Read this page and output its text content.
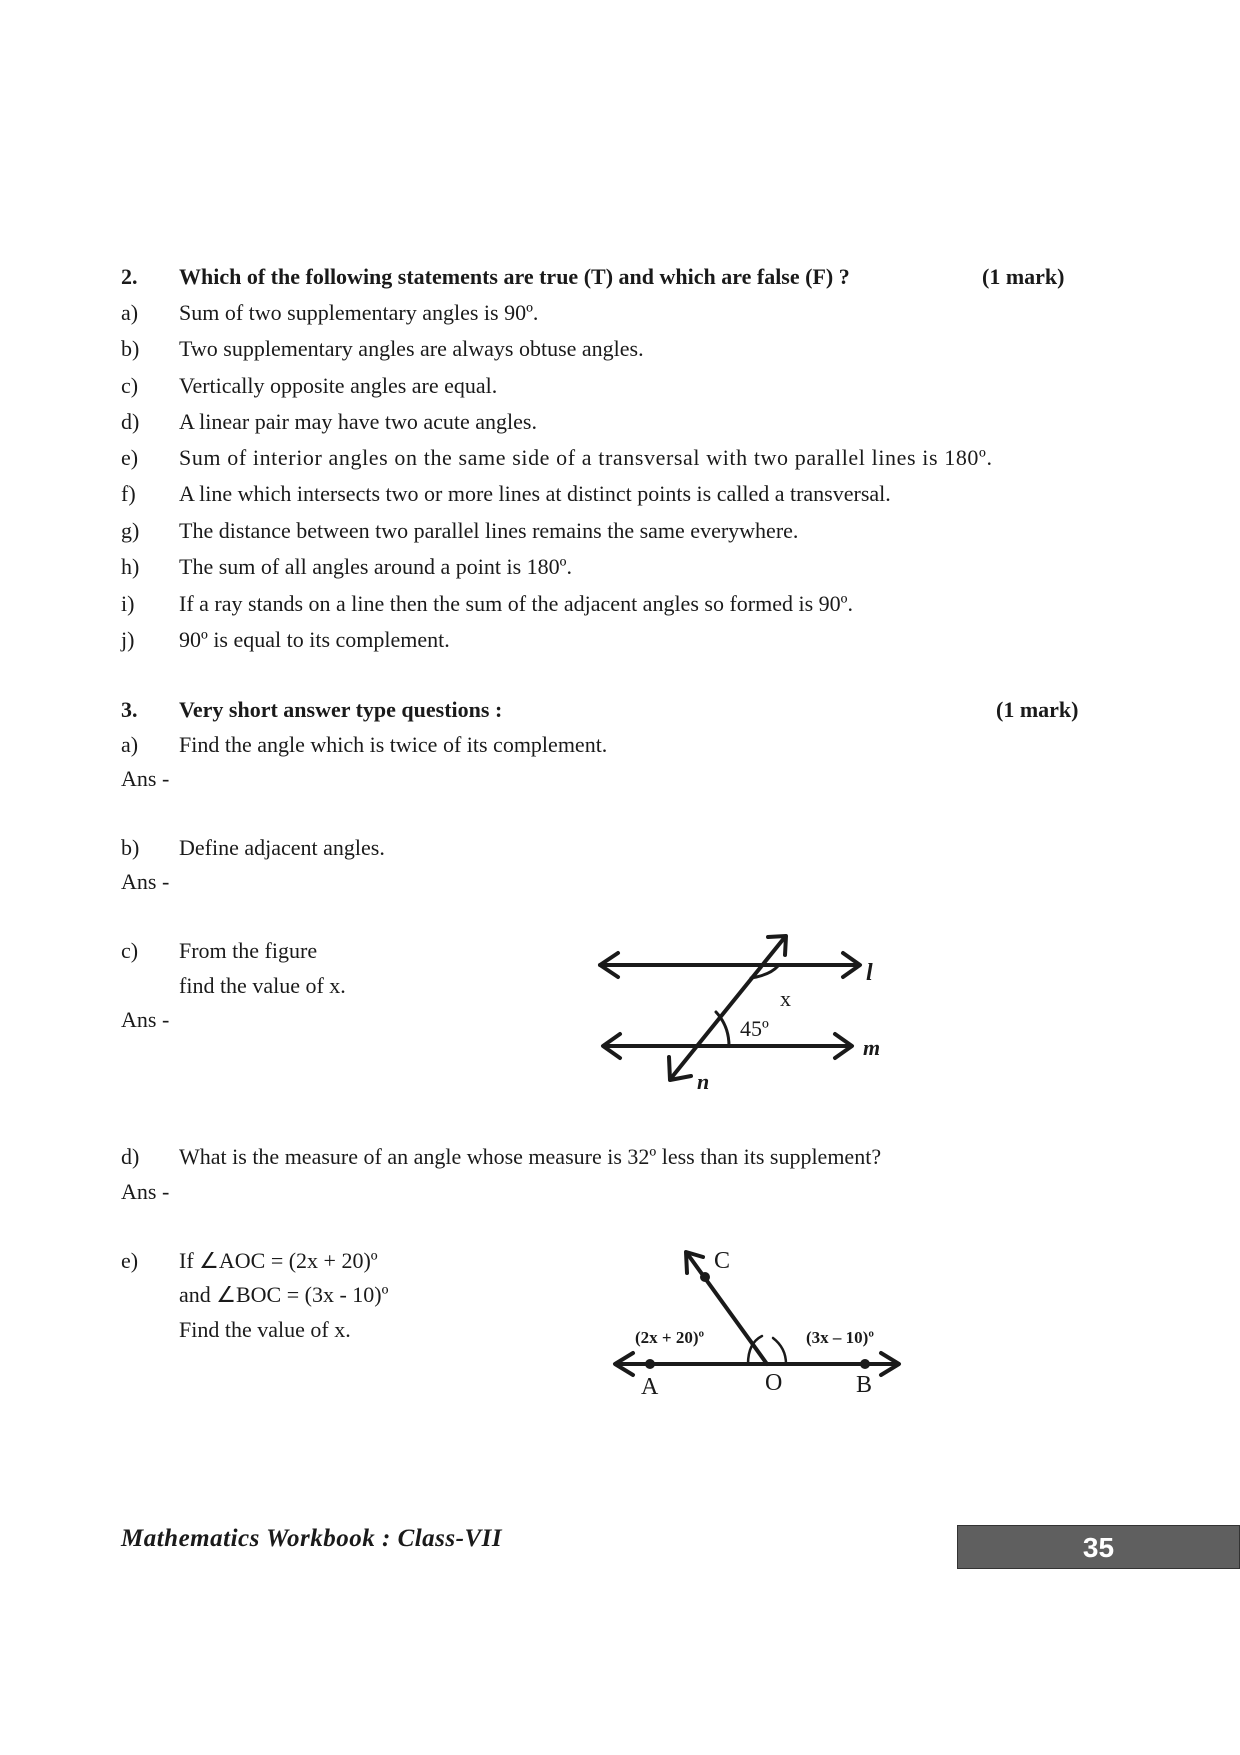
2. Which of the following statements are true (T) and which are false (F) ?	(1 mark)
a) Sum of two supplementary angles is 90º.
b) Two supplementary angles are always obtuse angles.
c) Vertically opposite angles are equal.
d) A linear pair may have two acute angles.
e) Sum of interior angles on the same side of a transversal with two parallel lines is 180º.
f) A line which intersects two or more lines at distinct points is called a transversal.
g) The distance between two parallel lines remains the same everywhere.
h) The sum of all angles around a point is 180º.
i) If a ray stands on a line then the sum of the adjacent angles so formed is 90º.
j) 90º is equal to its complement.
3. Very short answer type questions :	(1 mark)
a) Find the angle which is twice of its complement.
Ans -
b) Define adjacent angles.
Ans -
c) From the figure
find the value of x.
Ans -
l
m
n
x
45º
d) What is the measure of an angle whose measure is 32º less than its supplement?
Ans -
e) If ∠AOC = (2x + 20)º
and ∠BOC = (3x - 10)º
Find the value of x.
C
A	O	B
(2x + 20)º	(3x – 10)º
Mathematics Workbook : Class-VII	35
